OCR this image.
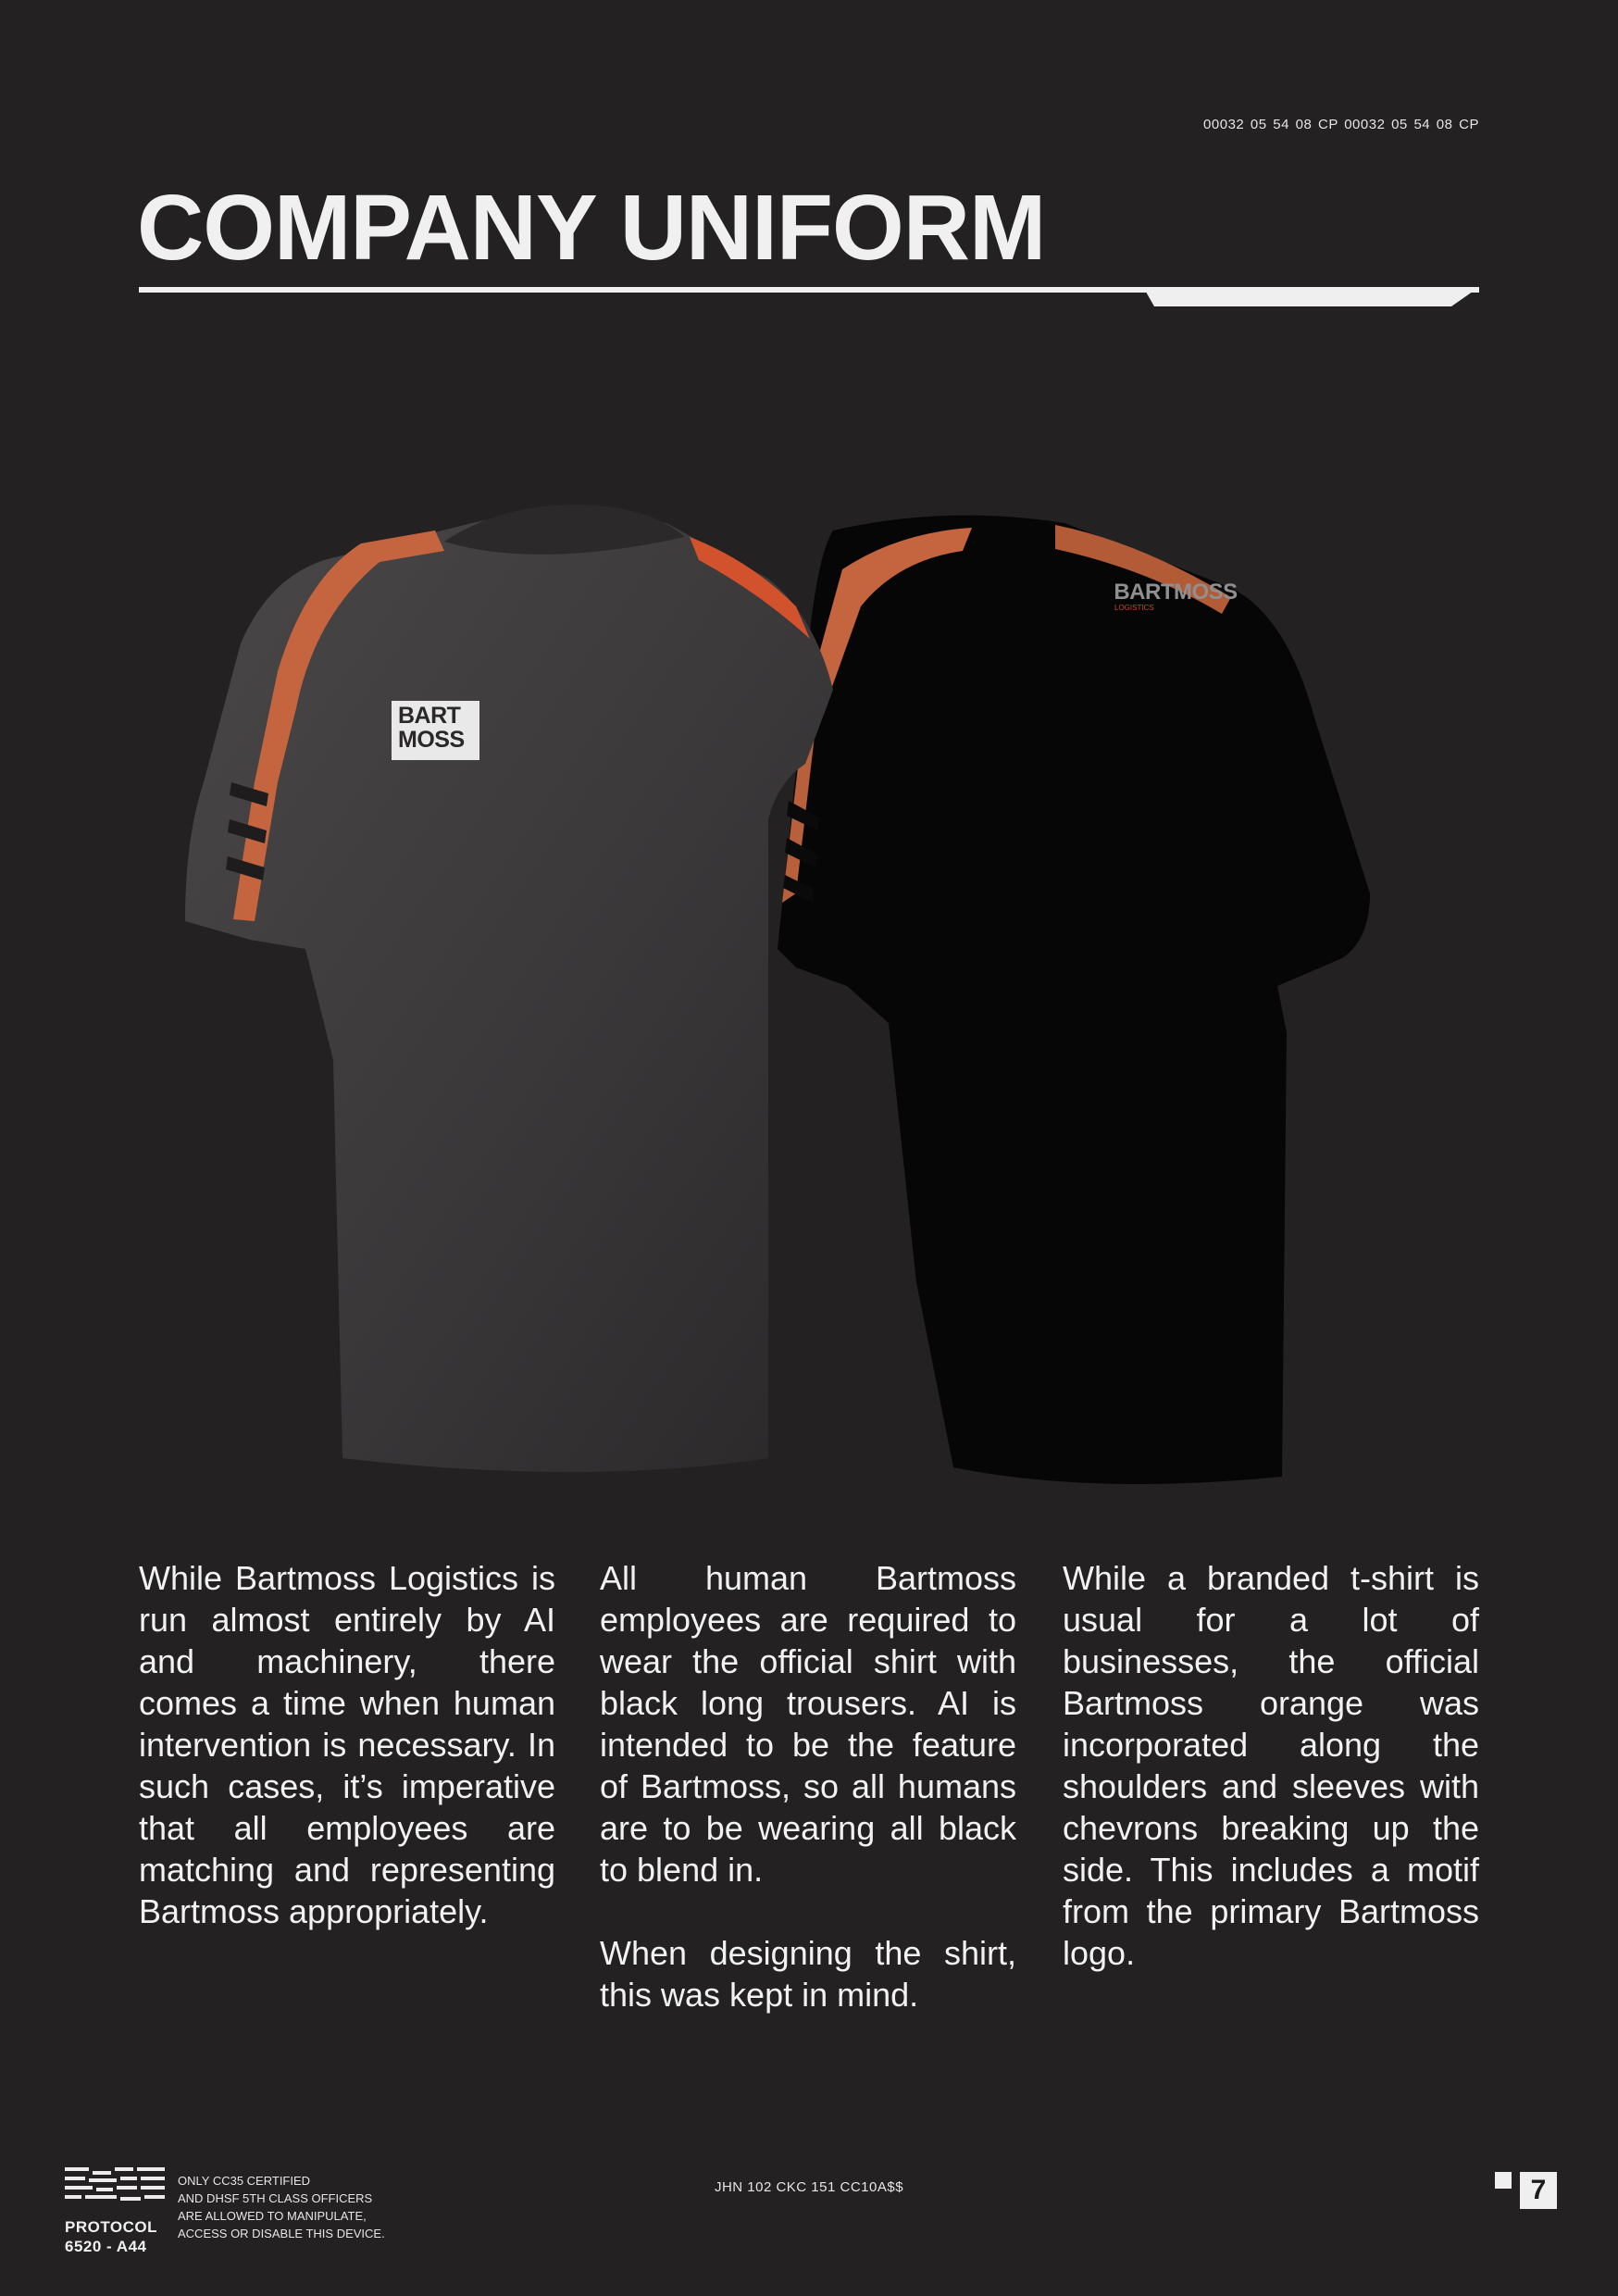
00032 05 54 08 CP 00032 05 54 08 CP
COMPANY UNIFORM
BART
MOSS
BARTMOSS
LOGISTICS

While Bartmoss Logistics is run almost entirely by AI and machinery, there comes a time when human intervention is necessary. In such cases, it’s imperative that all employees are matching and representing Bartmoss appropriately.

All human Bartmoss employees are required to wear the official shirt with black long trousers. AI is intended to be the feature of Bartmoss, so all humans are to be wearing all black to blend in.

When designing the shirt, this was kept in mind.

While a branded t-shirt is usual for a lot of businesses, the official Bartmoss orange was incorporated along the shoulders and sleeves with chevrons breaking up the side. This includes a motif from the primary Bartmoss logo.

PROTOCOL
6520 - A44
ONLY CC35 CERTIFIED
AND DHSF 5TH CLASS OFFICERS
ARE ALLOWED TO MANIPULATE,
ACCESS OR DISABLE THIS DEVICE.
JHN 102 CKC 151 CC10A$$	7
